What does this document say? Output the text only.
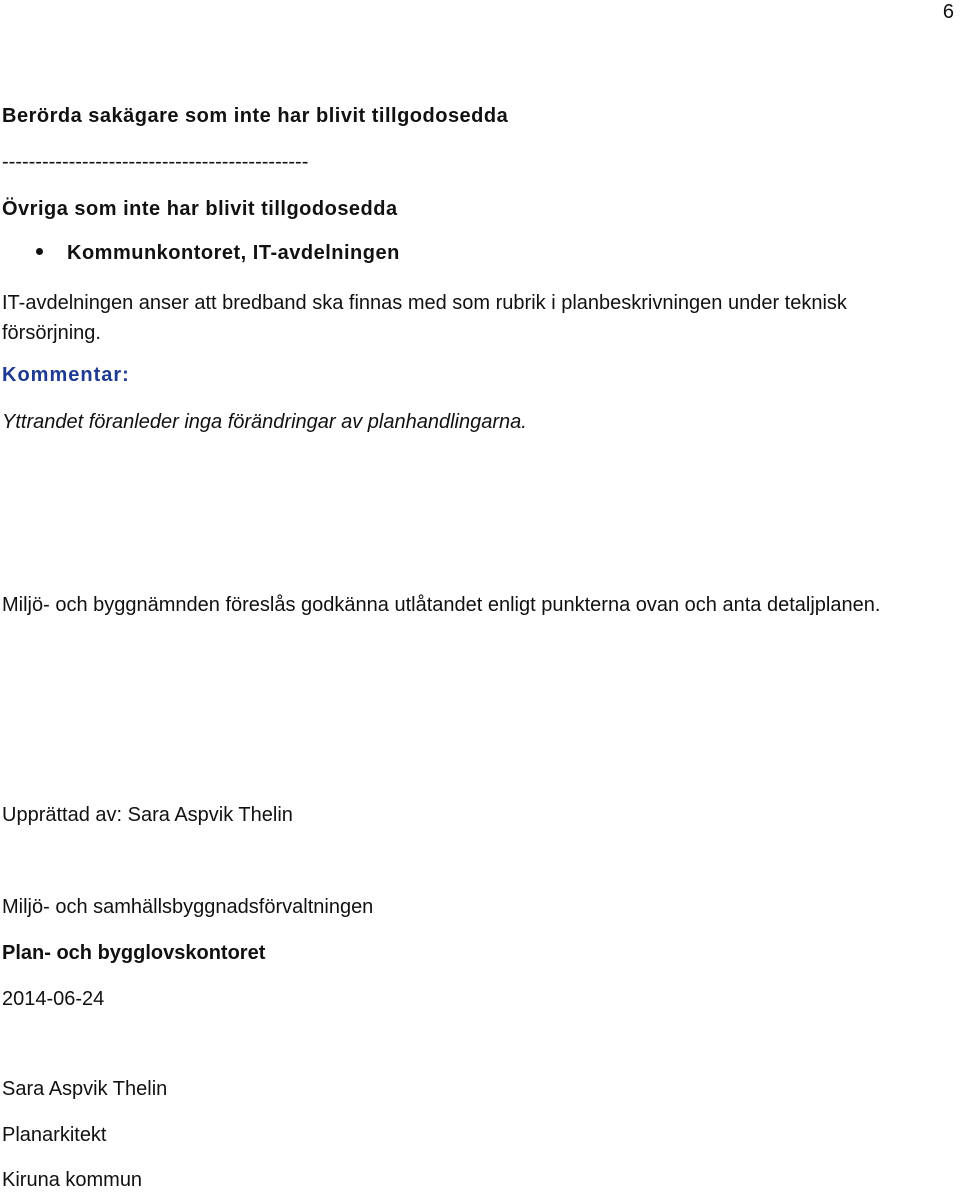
6
Berörda sakägare som inte har blivit tillgodosedda
----------------------------------------------
Övriga som inte har blivit tillgodosedda
Kommunkontoret, IT-avdelningen

IT-avdelningen anser att bredband ska finnas med som rubrik i planbeskrivningen under teknisk försörjning.

Kommentar:
Yttrandet föranleder inga förändringar av planhandlingarna.

Miljö- och byggnämnden föreslås godkänna utlåtandet enligt punkterna ovan och anta detaljplanen.

Upprättad av: Sara Aspvik Thelin
Miljö- och samhällsbyggnadsförvaltningen
Plan- och bygglovskontoret
2014-06-24
Sara Aspvik Thelin
Planarkitekt
Kiruna kommun
